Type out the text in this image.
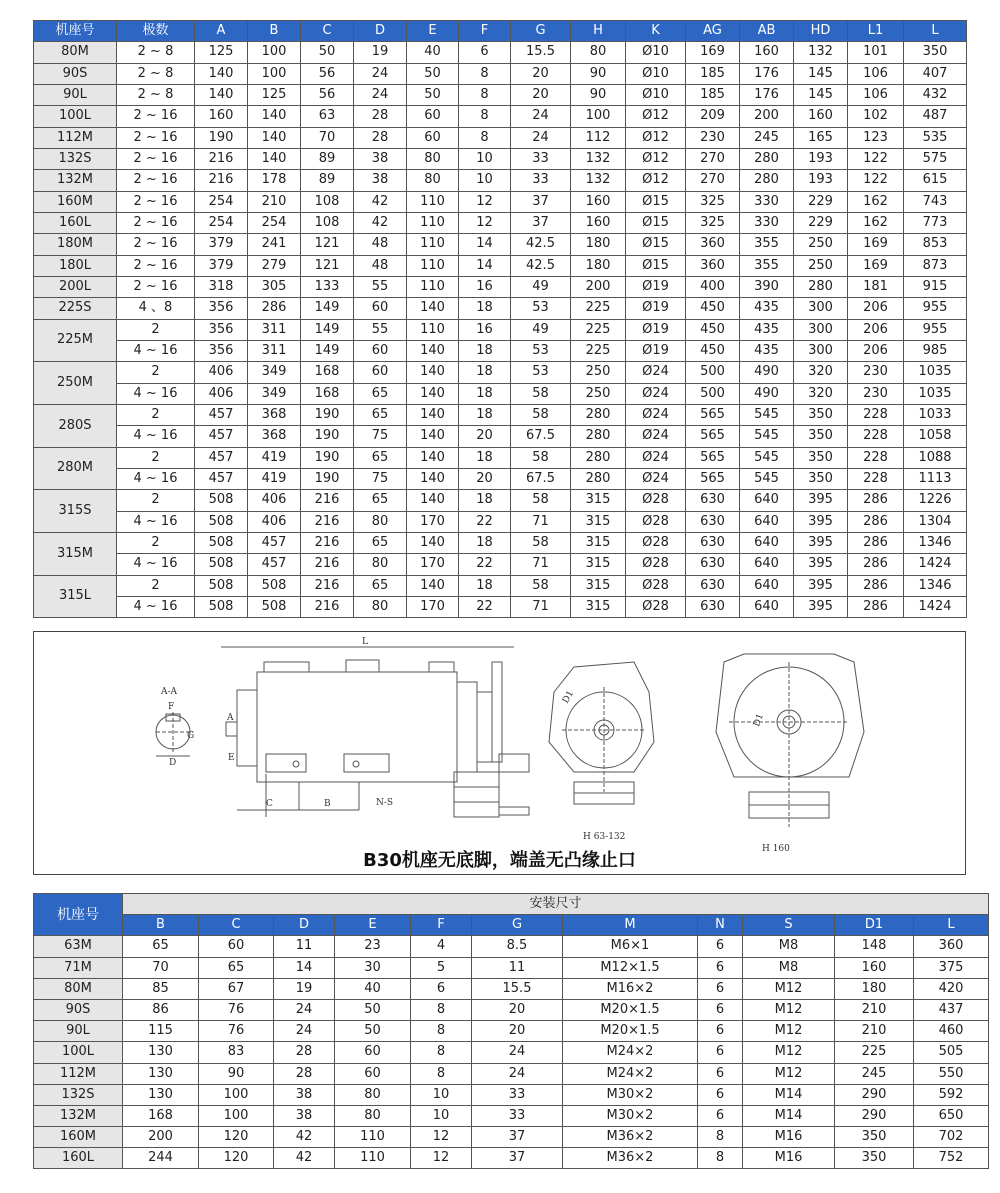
机座号	极数	A	B	C	D	E	F	G	H	K	AG	AB	HD	L1	L
80M	2 ~ 8	125	100	50	19	40	6	15.5	80	Ø10	169	160	132	101	350
90S	2 ~ 8	140	100	56	24	50	8	20	90	Ø10	185	176	145	106	407
90L	2 ~ 8	140	125	56	24	50	8	20	90	Ø10	185	176	145	106	432
100L	2 ~ 16	160	140	63	28	60	8	24	100	Ø12	209	200	160	102	487
112M	2 ~ 16	190	140	70	28	60	8	24	112	Ø12	230	245	165	123	535
132S	2 ~ 16	216	140	89	38	80	10	33	132	Ø12	270	280	193	122	575
132M	2 ~ 16	216	178	89	38	80	10	33	132	Ø12	270	280	193	122	615
160M	2 ~ 16	254	210	108	42	110	12	37	160	Ø15	325	330	229	162	743
160L	2 ~ 16	254	254	108	42	110	12	37	160	Ø15	325	330	229	162	773
180M	2 ~ 16	379	241	121	48	110	14	42.5	180	Ø15	360	355	250	169	853
180L	2 ~ 16	379	279	121	48	110	14	42.5	180	Ø15	360	355	250	169	873
200L	2 ~ 16	318	305	133	55	110	16	49	200	Ø19	400	390	280	181	915
225S	4 、8	356	286	149	60	140	18	53	225	Ø19	450	435	300	206	955
225M	2	356	311	149	55	110	16	49	225	Ø19	450	435	300	206	955
	4 ~ 16	356	311	149	60	140	18	53	225	Ø19	450	435	300	206	985
250M	2	406	349	168	60	140	18	53	250	Ø24	500	490	320	230	1035
	4 ~ 16	406	349	168	65	140	18	58	250	Ø24	500	490	320	230	1035
280S	2	457	368	190	65	140	18	58	280	Ø24	565	545	350	228	1033
	4 ~ 16	457	368	190	75	140	20	67.5	280	Ø24	565	545	350	228	1058
280M	2	457	419	190	65	140	18	58	280	Ø24	565	545	350	228	1088
	4 ~ 16	457	419	190	75	140	20	67.5	280	Ø24	565	545	350	228	1113
315S	2	508	406	216	65	140	18	58	315	Ø28	630	640	395	286	1226
	4 ~ 16	508	406	216	80	170	22	71	315	Ø28	630	640	395	286	1304
315M	2	508	457	216	65	140	18	58	315	Ø28	630	640	395	286	1346
	4 ~ 16	508	457	216	80	170	22	71	315	Ø28	630	640	395	286	1424
315L	2	508	508	216	65	140	18	58	315	Ø28	630	640	395	286	1346
	4 ~ 16	508	508	216	80	170	22	71	315	Ø28	630	640	395	286	1424
A-A
F
G
D
L
C	B	N-S
A
E
D1
H 63-132
D1
H 160
B30机座无底脚，端盖无凸缘止口
机座号	安装尺寸										
	B	C	D	E	F	G	M	N	S	D1	L
63M	65	60	11	23	4	8.5	M6×1	6	M8	148	360
71M	70	65	14	30	5	11	M12×1.5	6	M8	160	375
80M	85	67	19	40	6	15.5	M16×2	6	M12	180	420
90S	86	76	24	50	8	20	M20×1.5	6	M12	210	437
90L	115	76	24	50	8	20	M20×1.5	6	M12	210	460
100L	130	83	28	60	8	24	M24×2	6	M12	225	505
112M	130	90	28	60	8	24	M24×2	6	M12	245	550
132S	130	100	38	80	10	33	M30×2	6	M14	290	592
132M	168	100	38	80	10	33	M30×2	6	M14	290	650
160M	200	120	42	110	12	37	M36×2	8	M16	350	702
160L	244	120	42	110	12	37	M36×2	8	M16	350	752
